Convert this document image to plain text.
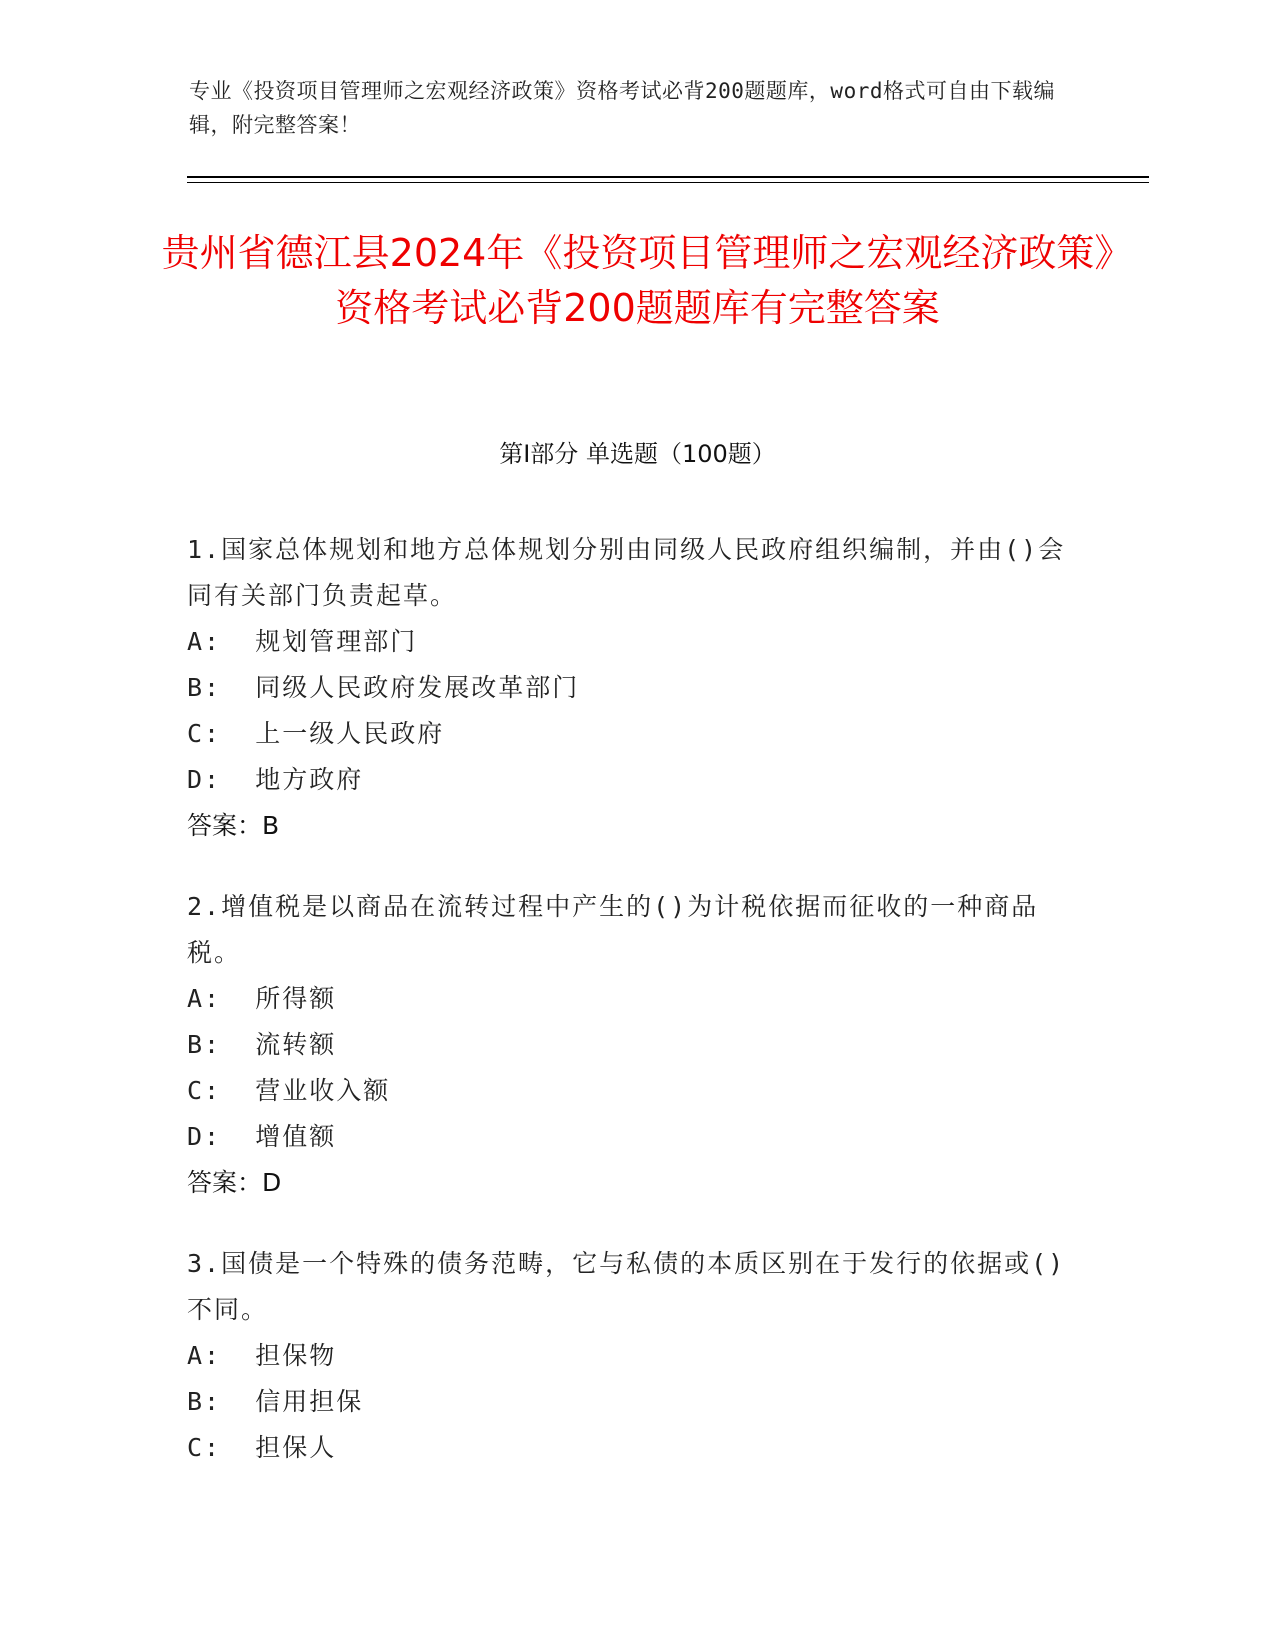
专业《投资项目管理师之宏观经济政策》资格考试必背200题题库，word格式可自由下载编辑，附完整答案！
贵州省德江县2024年《投资项目管理师之宏观经济政策》资格考试必背200题题库有完整答案
第Ⅰ部分 单选题（100题）
1.国家总体规划和地方总体规划分别由同级人民政府组织编制，并由()会同有关部门负责起草。
A:  规划管理部门
B:  同级人民政府发展改革部门
C:  上一级人民政府
D:  地方政府
答案：B
2.增值税是以商品在流转过程中产生的()为计税依据而征收的一种商品税。
A:  所得额
B:  流转额
C:  营业收入额
D:  增值额
答案：D
3.国债是一个特殊的债务范畴，它与私债的本质区别在于发行的依据或()不同。
A:  担保物
B:  信用担保
C:  担保人
